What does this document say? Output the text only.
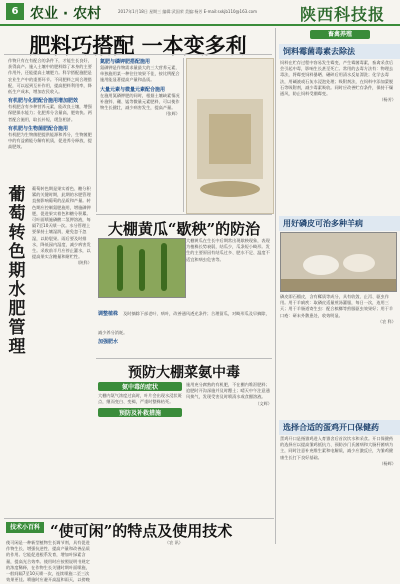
6 农业 · 农村	2017年1月18日 星期三 编辑:武国荣 美编:杨芳 E-mail:sxkjb110@163.com	陕西科技报
肥料巧搭配 一本变多利
作物只有在有配合的条件下，才能生长良好，获得高产。施入土壤中的肥料除了本身的主要作用外，还能提高土壤肥力。科学搭配施肥是农业生产中的重要环节。不同肥料之间合理搭配，可以起到互补作用，提高肥料利用率，降低生产成本，增加农民收入。
有机肥与化肥配合施用增加肥效
有机肥含有多种营养元素，能改良土壤，增强保肥保水能力；化肥养分含量高，肥效快。两者配合施用，取长补短，缓急相济。
有机肥与生物菌肥配合施用
有机肥为生物菌肥提供能源和养分，生物菌肥中的有益菌能分解有机质，促进养分释放，提高肥效。
氮肥与磷钾肥搭配施用
氮磷钾是作物需求量最大的三大营养元素，单独施用某一种往往效果不佳，按比例配合施用能显著提高产量和品质。
大量元素与微量元素配合施用
在施用氮磷钾肥的同时，根据土壤缺素情况补施锌、硼、锰等微量元素肥料，可以使作物生长健壮，减少病害发生，提高产量。
（张辉）
葡萄转色期水肥管理
葡萄转色期是果实着色、糖分积累的关键时期，此期的水肥管理直接影响葡萄的品质和产量。转色期应控制氮肥施用，增施磷钾肥，促进果实着色和糖分积累。可叶面喷施磷酸二氢钾溶液，每隔7至10天喷一次。水分管理上要保持土壤湿润，避免忽干忽湿，以防裂果。雨后要及时排水，降低园内湿度，减少病害发生。采收前半月应停止灌水，以提高果实含糖量和耐贮性。
（陕科）
大棚黄瓜“歇秧”的防治
大棚黄瓜在生长中后期常出现歇秧现象，表现为植株长势衰弱，结瓜少，瓜条短小畸形。发生的主要原因有结瓜过多、肥水不足、温度不适宜和病虫危害等。
调整植株 及时摘除下部老叶、病叶，改善通风透光条件；合理留瓜，对畸形瓜及早摘除，减少养分消耗。
加强肥水
预防大棚菜氨中毒
氨中毒的症状
大棚内氨气浓度过高时，叶片会出现水浸状斑点，继而变白、变褐，严重时整株枯死。
预防及补救措施
施用充分腐熟的有机肥，不在棚内堆沤肥料；追肥时开沟深施并及时覆土；晴天中午注意通风换气，发现受害及时喷清水或食醋溶液。
（文辉）
畜禽养殖
饲料霉菌毒素去除法
饲料在贮存过程中容易发生霉变，产生霉菌毒素，畜禽采食后会引起中毒，影响生长甚至死亡。常用的去毒方法有：物理去毒法，将霉变饲料暴晒、碾碎后用清水反复漂洗；化学去毒法，用碱液或石灰水浸泡处理；吸附剂法，在饲料中添加蒙脱石等吸附剂，减少毒素吸收。同时应改善贮存条件，保持干燥通风，防止饲料受潮霉变。
（杨芳）
用好磷皮可治多种羊病
磷皮即石榴皮，含有鞣质等成分，具有收敛、止泻、驱虫作用。用于羊痢疾：取磷皮适量煎汤灌服，每日一次，连用三天；用于羊肠道寄生虫：配合槟榔等煎服驱虫效果好；用于羊口疮：研末外敷患处，收效明显。
（农 科）
选择合适的蛋鸡开口保健药
蛋鸡开口是指雏鸡进入育雏舍后首次饮水和采食。开口保健药的选择应以提高雏鸡抵抗力、预防沙门氏菌病和大肠杆菌病为主，同时注意补充维生素和电解质，减少应激反应，为雏鸡健康生长打下良好基础。
（杨辉）
技术小百科 “使可闲”的特点及使用技术
使可闲是一种新型植物生长调节剂，具有促进作物生长、增强抗逆性、提高产量和改善品质的作用。它能促进根系发育，增加叶绿素含量，提高光合效率。使用时应按照说明书规定的浓度稀释，在作物生长关键时期叶面喷施，一般间隔7至10天喷一次，连续喷施二至三次效果更佳。喷施时应避开高温和雨天，以傍晚
（农 讯）
